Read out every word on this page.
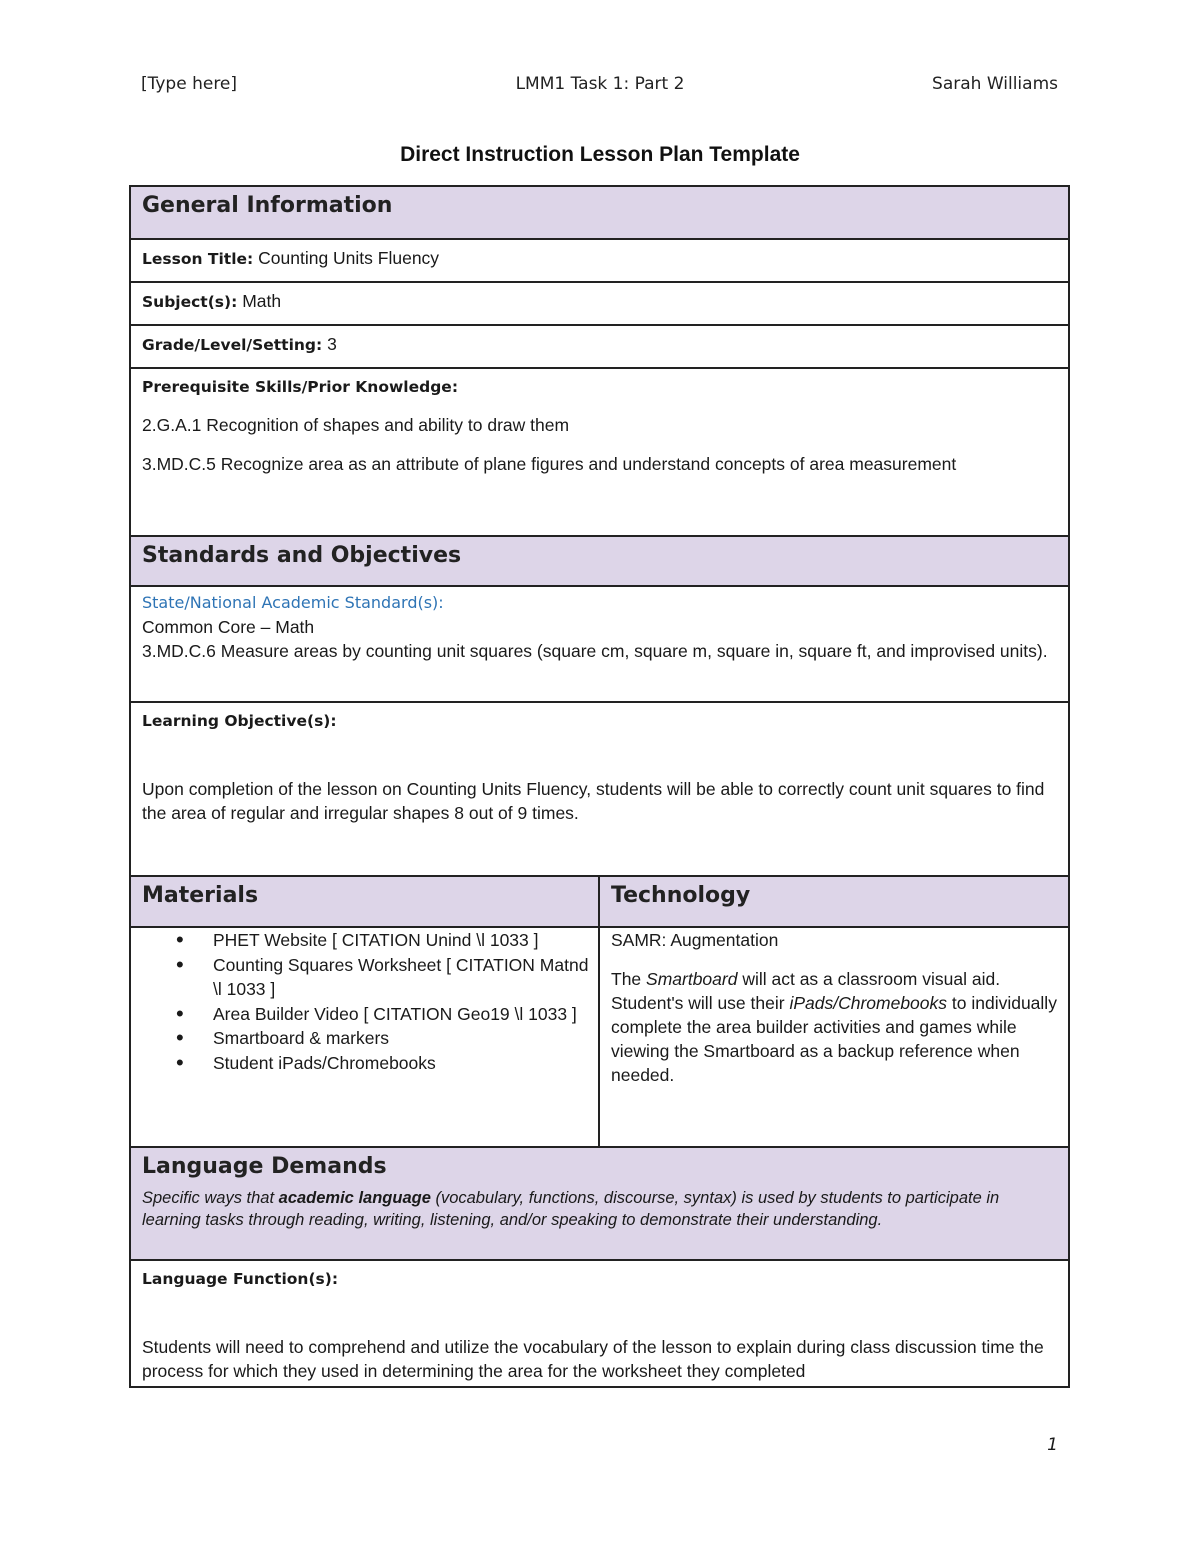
[Type here]	LMM1 Task 1: Part 2	Sarah Williams
Direct Instruction Lesson Plan Template
General Information
Lesson Title: Counting Units Fluency
Subject(s): Math
Grade/Level/Setting: 3

Prerequisite Skills/Prior Knowledge:

2.G.A.1 Recognition of shapes and ability to draw them

3.MD.C.5 Recognize area as an attribute of plane figures and understand concepts of area measurement

Standards and Objectives

State/National Academic Standard(s):

Common Core – Math

3.MD.C.6 Measure areas by counting unit squares (square cm, square m, square in, square ft, and improvised units).

Learning Objective(s):

Upon completion of the lesson on Counting Units Fluency, students will be able to correctly count unit squares to find the area of regular and irregular shapes 8 out of 9 times.

Materials	Technology
• PHET Website [ CITATION Unind \l 1033 ]
• Counting Squares Worksheet [ CITATION Matnd \l 1033 ]
• Area Builder Video [ CITATION Geo19 \l 1033 ]
• Smartboard & markers
• Student iPads/Chromebooks

SAMR: Augmentation

The Smartboard will act as a classroom visual aid. Student's will use their iPads/Chromebooks to individually complete the area builder activities and games while viewing the Smartboard as a backup reference when needed.

Language Demands

Specific ways that academic language (vocabulary, functions, discourse, syntax) is used by students to participate in learning tasks through reading, writing, listening, and/or speaking to demonstrate their understanding.

Language Function(s):

Students will need to comprehend and utilize the vocabulary of the lesson to explain during class discussion time the process for which they used in determining the area for the worksheet they completed

1
